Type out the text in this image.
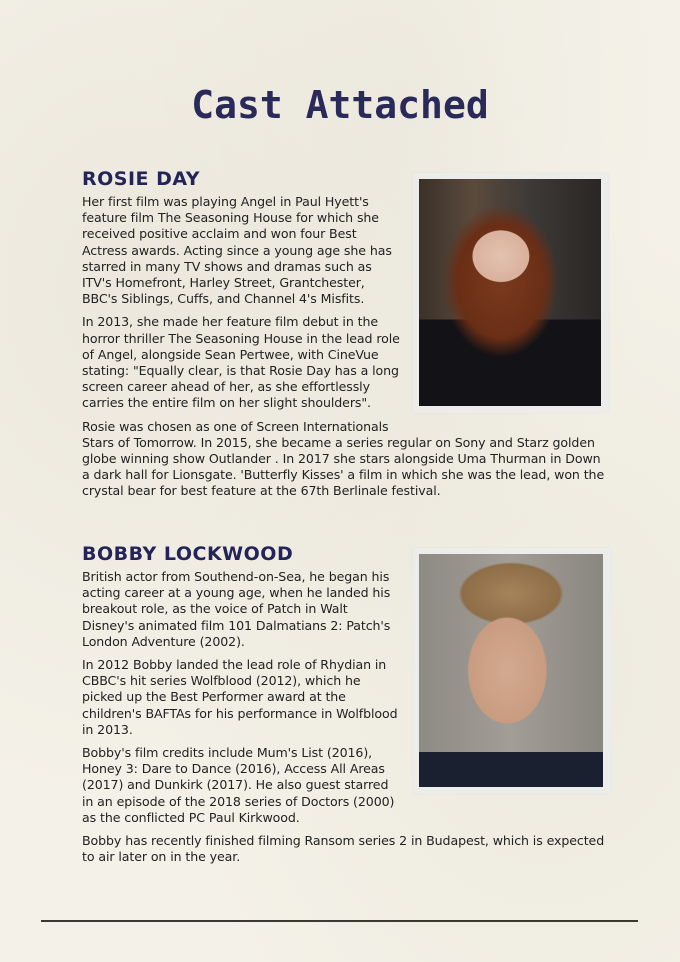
Cast Attached
ROSIE DAY

Her first film was playing Angel in Paul Hyett's feature film The Seasoning House for which she received positive acclaim and won four Best Actress awards. Acting since a young age she has starred in many TV shows and dramas such as ITV's Homefront, Harley Street, Grantchester, BBC's Siblings, Cuffs, and Channel 4's Misfits.

In 2013, she made her feature film debut in the horror thriller The Seasoning House in the lead role of Angel, alongside Sean Pertwee, with CineVue stating: "Equally clear, is that Rosie Day has a long screen career ahead of her, as she effortlessly carries the entire film on her slight shoulders".

Rosie was chosen as one of Screen Internationals

Stars of Tomorrow. In 2015, she became a series regular on Sony and Starz golden globe winning show Outlander . In 2017 she stars alongside Uma Thurman in Down a dark hall for Lionsgate. 'Butterfly Kisses' a film in which she was the lead, won the crystal bear for best feature at the 67th Berlinale festival.

BOBBY LOCKWOOD

British actor from Southend-on-Sea, he began his acting career at a young age, when he landed his breakout role, as the voice of Patch in Walt Disney's animated film 101 Dalmatians 2: Patch's London Adventure (2002).

In 2012 Bobby landed the lead role of Rhydian in CBBC's hit series Wolfblood (2012), which he picked up the Best Performer award at the children's BAFTAs for his performance in Wolfblood in 2013.

Bobby's film credits include Mum's List (2016), Honey 3: Dare to Dance (2016), Access All Areas (2017) and Dunkirk (2017). He also guest starred in an episode of the 2018 series of Doctors (2000) as the conflicted PC Paul Kirkwood.

Bobby has recently finished filming Ransom series 2 in Budapest, which is expected to air later on in the year.
